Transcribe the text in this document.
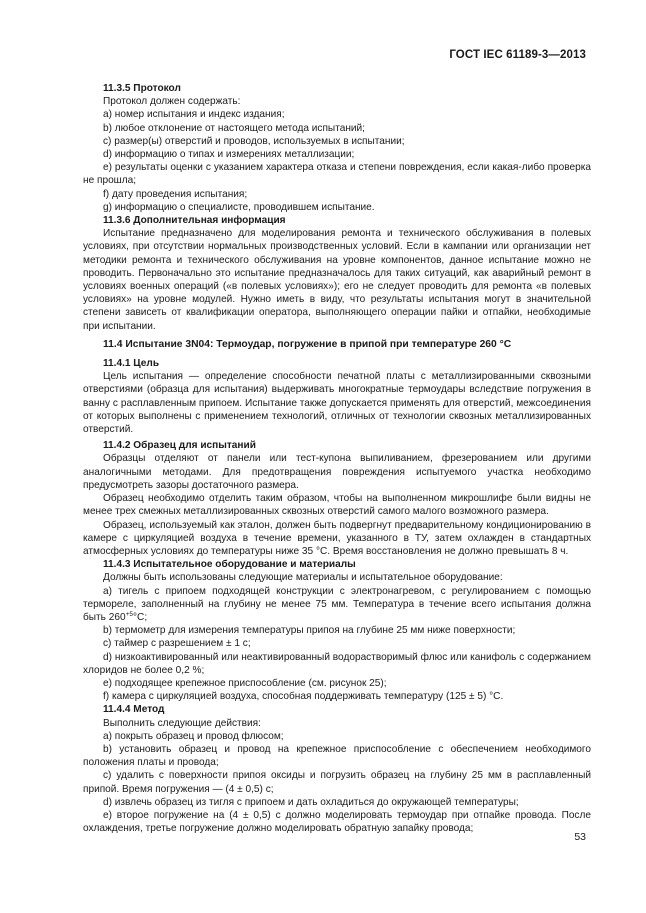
ГОСТ IEC 61189-3—2013
11.3.5 Протокол
Протокол должен содержать:
a) номер испытания и индекс издания;
b) любое отклонение от настоящего метода испытаний;
c) размер(ы) отверстий и проводов, используемых в испытании;
d) информацию о типах и измерениях металлизации;
e) результаты оценки с указанием характера отказа и степени повреждения, если какая-либо проверка не прошла;
f) дату проведения испытания;
g) информацию о специалисте, проводившем испытание.
11.3.6 Дополнительная информация
Испытание предназначено для моделирования ремонта и технического обслуживания в полевых условиях, при отсутствии нормальных производственных условий. Если в кампании или организации нет методики ремонта и технического обслуживания на уровне компонентов, данное испытание можно не проводить. Первоначально это испытание предназначалось для таких ситуаций, как аварийный ремонт в условиях военных операций («в полевых условиях»); его не следует проводить для ремонта «в полевых условиях» на уровне модулей. Нужно иметь в виду, что результаты испытания могут в значительной степени зависеть от квалификации оператора, выполняющего операции пайки и отпайки, необходимые при испытании.
11.4 Испытание 3N04: Термоудар, погружение в припой при температуре 260 °С
11.4.1 Цель
Цель испытания — определение способности печатной платы с металлизированными сквозными отверстиями (образца для испытания) выдерживать многократные термоудары вследствие погружения в ванну с расплавленным припоем. Испытание также допускается применять для отверстий, межсоединения от которых выполнены с применением технологий, отличных от технологии сквозных металлизированных отверстий.
11.4.2 Образец для испытаний
Образцы отделяют от панели или тест-купона выпиливанием, фрезерованием или другими аналогичными методами. Для предотвращения повреждения испытуемого участка необходимо предусмотреть зазоры достаточного размера.
Образец необходимо отделить таким образом, чтобы на выполненном микрошлифе были видны не менее трех смежных металлизированных сквозных отверстий самого малого возможного размера.
Образец, используемый как эталон, должен быть подвергнут предварительному кондиционированию в камере с циркуляцией воздуха в течение времени, указанного в ТУ, затем охлажден в стандартных атмосферных условиях до температуры ниже 35 °С. Время восстановления не должно превышать 8 ч.
11.4.3 Испытательное оборудование и материалы
Должны быть использованы следующие материалы и испытательное оборудование:
а) тигель с припоем подходящей конструкции с электронагревом, с регулированием с помощью термореле, заполненный на глубину не менее 75 мм. Температура в течение всего испытания должна быть $260^{+5}^\circ С$;
b) термометр для измерения температуры припоя на глубине 25 мм ниже поверхности;
c) таймер с разрешением ± 1 с;
d) низкоактивированный или неактивированный водорастворимый флюс или канифоль с содержанием хлоридов не более 0,2 %;
e) подходящее крепежное приспособление (см. рисунок 25);
f) камера с циркуляцией воздуха, способная поддерживать температуру (125 ± 5) °С.
11.4.4 Метод
Выполнить следующие действия:
а) покрыть образец и провод флюсом;
b) установить образец и провод на крепежное приспособление с обеспечением необходимого положения платы и провода;
c) удалить с поверхности припоя оксиды и погрузить образец на глубину 25 мм в расплавленный припой. Время погружения — (4 ± 0,5) с;
d) извлечь образец из тигля с припоем и дать охладиться до окружающей температуры;
e) второе погружение на (4 ± 0,5) с должно моделировать термоудар при отпайке провода. После охлаждения, третье погружение должно моделировать обратную запайку провода;
53
